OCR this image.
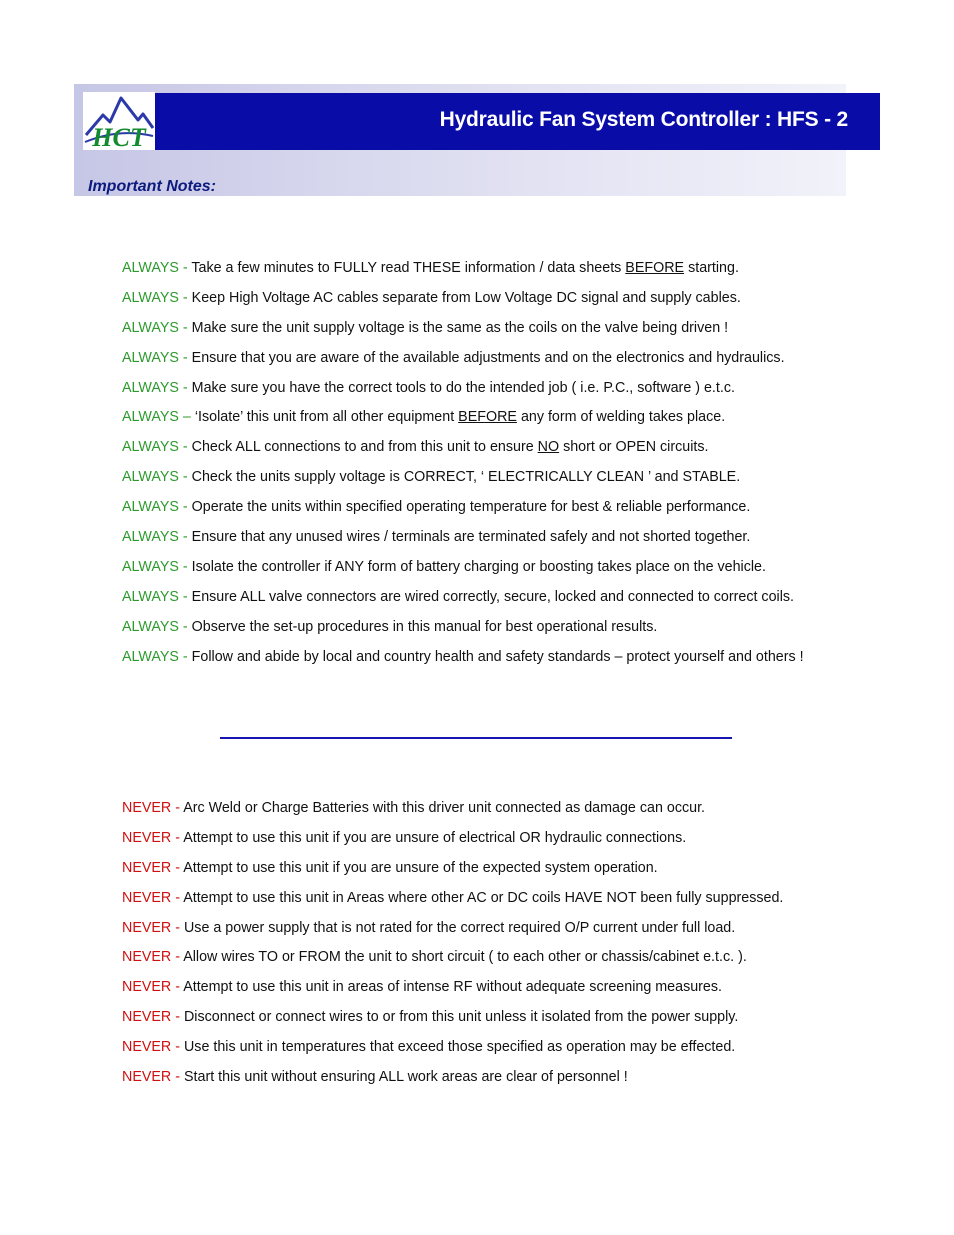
HCT
Hydraulic Fan System Controller : HFS - 2
Important Notes:
ALWAYS - Take a few minutes to FULLY read THESE information / data sheets BEFORE starting.
ALWAYS - Keep High Voltage AC cables separate from Low Voltage DC signal and supply cables.
ALWAYS - Make sure the unit supply voltage is the same as the coils on the valve being driven !
ALWAYS - Ensure that you are aware of the available adjustments and on the electronics and hydraulics.
ALWAYS - Make sure you have the correct tools to do the intended job ( i.e. P.C., software ) e.t.c.
ALWAYS – ‘Isolate’ this unit from all other equipment BEFORE any form of welding takes place.
ALWAYS - Check ALL connections to and from this unit to ensure NO short or OPEN circuits.
ALWAYS - Check the units supply voltage is CORRECT, ‘ ELECTRICALLY CLEAN ’ and STABLE.
ALWAYS - Operate the units within specified operating temperature for best & reliable performance.
ALWAYS - Ensure that any unused wires / terminals are terminated safely and not shorted together.
ALWAYS - Isolate the controller if ANY form of battery charging or boosting takes place on the vehicle.
ALWAYS - Ensure ALL valve connectors are wired correctly, secure, locked and connected to correct coils.
ALWAYS - Observe the set-up procedures in this manual for best operational results.
ALWAYS - Follow and abide by local and country health and safety standards – protect yourself and others !
NEVER - Arc Weld or Charge Batteries with this driver unit connected as damage can occur.
NEVER - Attempt to use this unit if you are unsure of electrical OR hydraulic connections.
NEVER - Attempt to use this unit if you are unsure of the expected system operation.
NEVER - Attempt to use this unit in Areas where other AC or DC coils HAVE NOT been fully suppressed.
NEVER - Use a power supply that is not rated for the correct required O/P current under full load.
NEVER - Allow wires TO or FROM the unit to short circuit ( to each other or chassis/cabinet e.t.c. ).
NEVER - Attempt to use this unit in areas of intense RF without adequate screening measures.
NEVER - Disconnect or connect wires to or from this unit unless it isolated from the power supply.
NEVER - Use this unit in temperatures that exceed those specified as operation may be effected.
NEVER - Start this unit without ensuring ALL work areas are clear of personnel !
